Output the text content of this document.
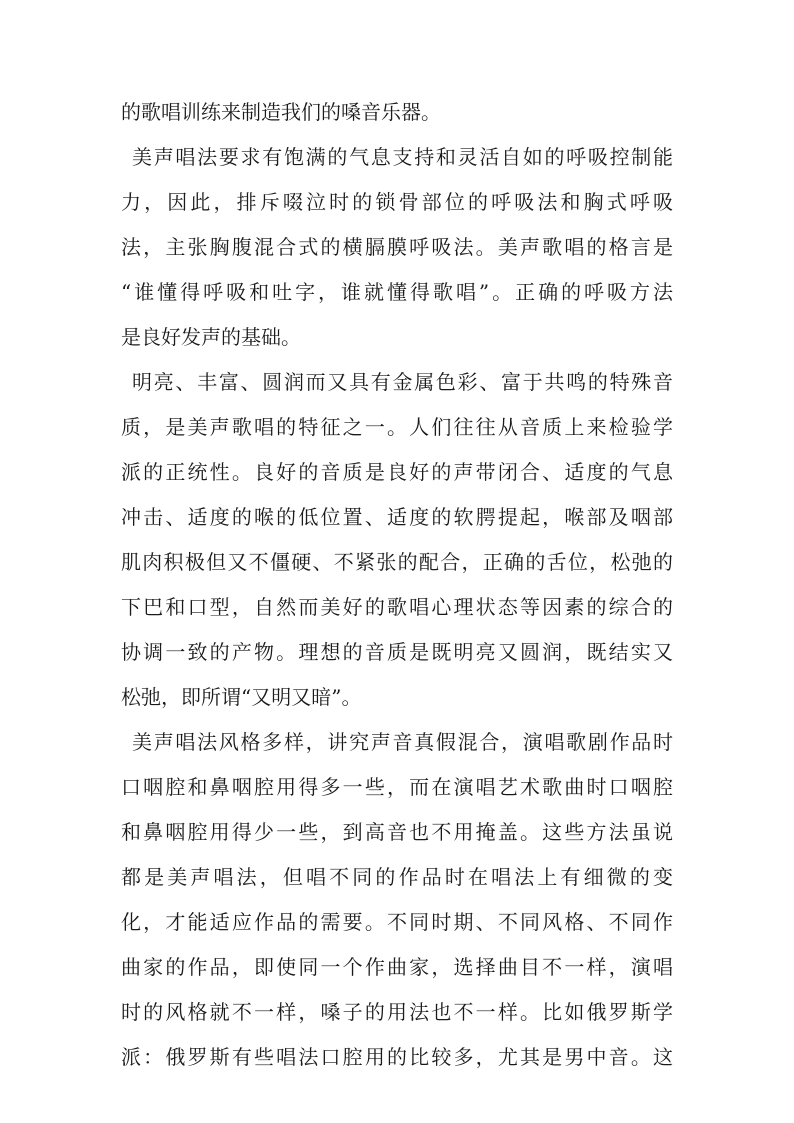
的歌唱训练来制造我们的嗓音乐器。
美声唱法要求有饱满的气息支持和灵活自如的呼吸控制能
力，因此，排斥啜泣时的锁骨部位的呼吸法和胸式呼吸
法，主张胸腹混合式的横膈膜呼吸法。美声歌唱的格言是
“谁懂得呼吸和吐字，谁就懂得歌唱”。正确的呼吸方法
是良好发声的基础。
明亮、丰富、圆润而又具有金属色彩、富于共鸣的特殊音
质，是美声歌唱的特征之一。人们往往从音质上来检验学
派的正统性。良好的音质是良好的声带闭合、适度的气息
冲击、适度的喉的低位置、适度的软腭提起，喉部及咽部
肌肉积极但又不僵硬、不紧张的配合，正确的舌位，松弛的
下巴和口型，自然而美好的歌唱心理状态等因素的综合的
协调一致的产物。理想的音质是既明亮又圆润，既结实又
松弛，即所谓“又明又暗”。
美声唱法风格多样，讲究声音真假混合，演唱歌剧作品时
口咽腔和鼻咽腔用得多一些，而在演唱艺术歌曲时口咽腔
和鼻咽腔用得少一些，到高音也不用掩盖。这些方法虽说
都是美声唱法，但唱不同的作品时在唱法上有细微的变
化，才能适应作品的需要。不同时期、不同风格、不同作
曲家的作品，即使同一个作曲家，选择曲目不一样，演唱
时的风格就不一样，嗓子的用法也不一样。比如俄罗斯学
派：俄罗斯有些唱法口腔用的比较多，尤其是男中音。这
